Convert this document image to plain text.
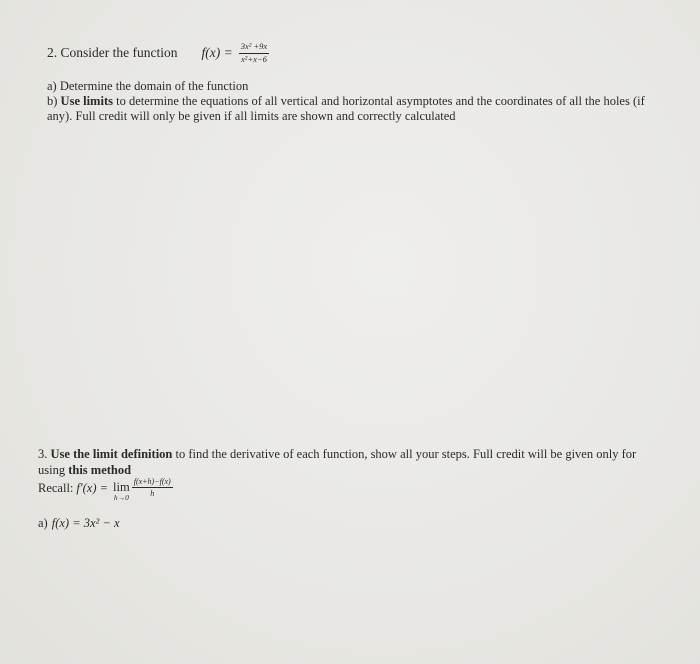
2. Consider the function $f(x) = \frac{\text{3x² +9x}}{\text{x²+x−6}}$
a) Determine the domain of the function
b) Use limits to determine the equations of all vertical and horizontal asymptotes and the coordinates of all the holes (if any). Full credit will only be given if all limits are shown and correctly calculated
3. Use the limit definition to find the derivative of each function, show all your steps. Full credit will be given only for using this method
Recall: f′(x) = lim
$h\to 0 \frac{f(x+h)-f(x)}{h}$
a) f(x) = 3x² − x
